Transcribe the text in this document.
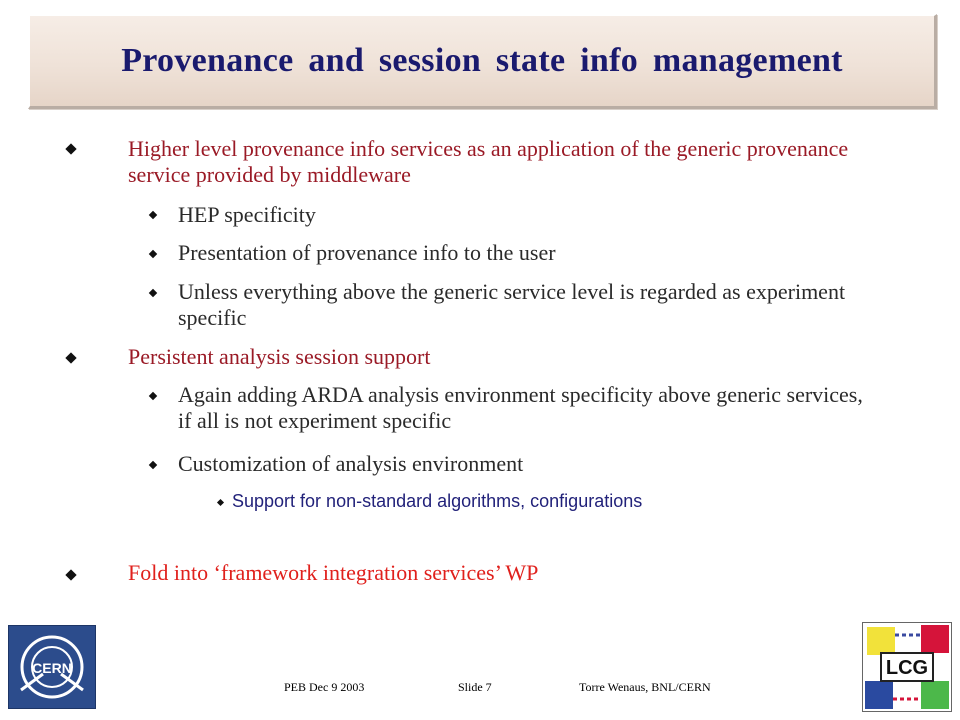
Provenance and session state info management
Higher level provenance info services as an application of the generic provenance service provided by middleware
HEP specificity
Presentation of provenance info to the user
Unless everything above the generic service level is regarded as experiment specific
Persistent analysis session support
Again adding ARDA analysis environment specificity above generic services, if all is not experiment specific
Customization of analysis environment
Support for non-standard algorithms, configurations
Fold into ‘framework integration services’ WP
CERN
PEB Dec 9 2003	Slide 7	Torre Wenaus, BNL/CERN
LCG
